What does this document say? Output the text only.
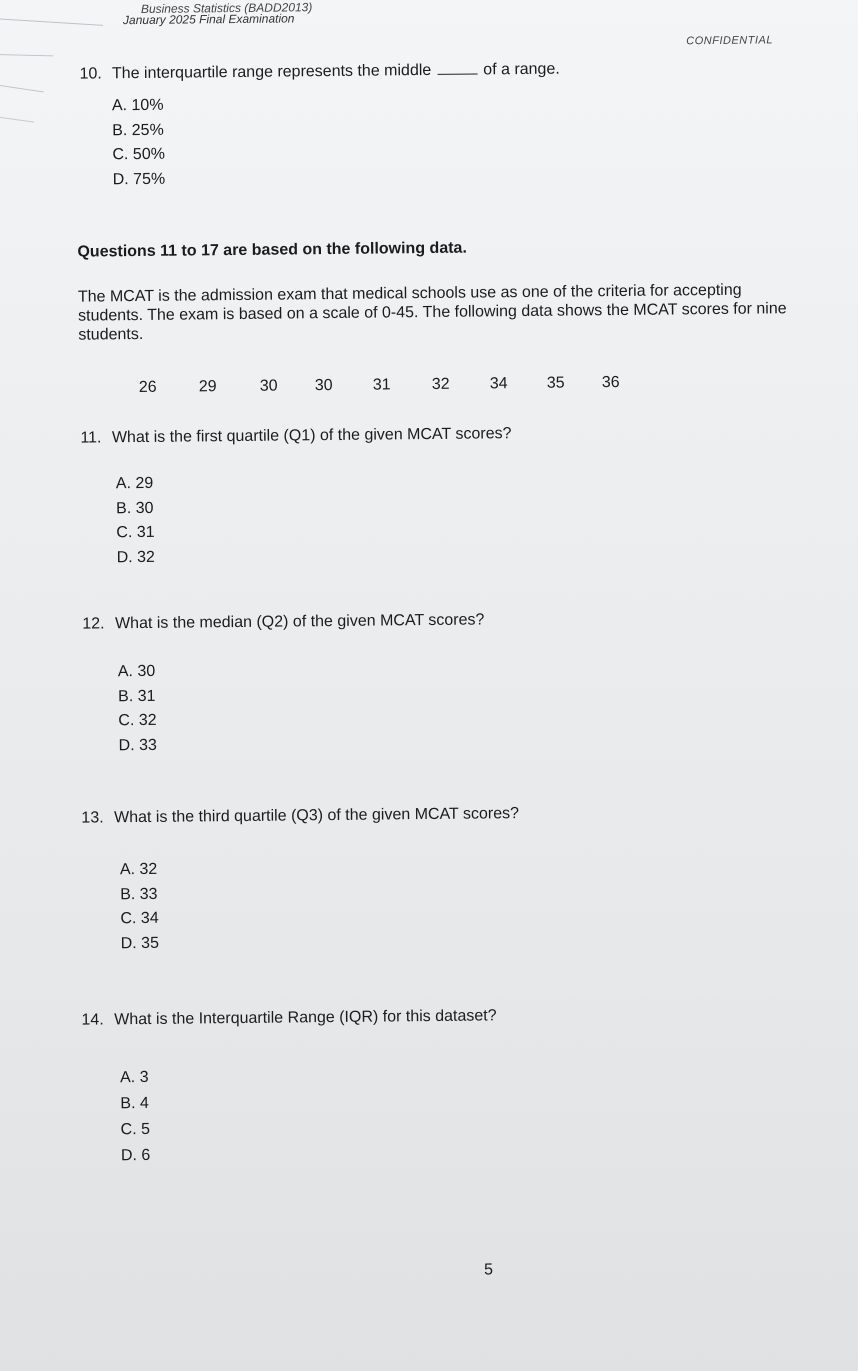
Business Statistics (BADD2013)
January 2025 Final Examination
CONFIDENTIAL
10. The interquartile range represents the middle	of a range.
A. 10%
B. 25%
C. 50%
D. 75%
Questions 11 to 17 are based on the following data.
The MCAT is the admission exam that medical schools use as one of the criteria for accepting students. The exam is based on a scale of 0-45. The following data shows the MCAT scores for nine students.
26	29	30 30	31	32	34 35 36
11. What is the first quartile (Q1) of the given MCAT scores?
A. 29
B. 30
C. 31
D. 32
12. What is the median (Q2) of the given MCAT scores?
A. 30
B. 31
C. 32
D. 33
13. What is the third quartile (Q3) of the given MCAT scores?
A. 32
B. 33
C. 34
D. 35
14. What is the Interquartile Range (IQR) for this dataset?
A. 3
B. 4
C. 5
D. 6
5
